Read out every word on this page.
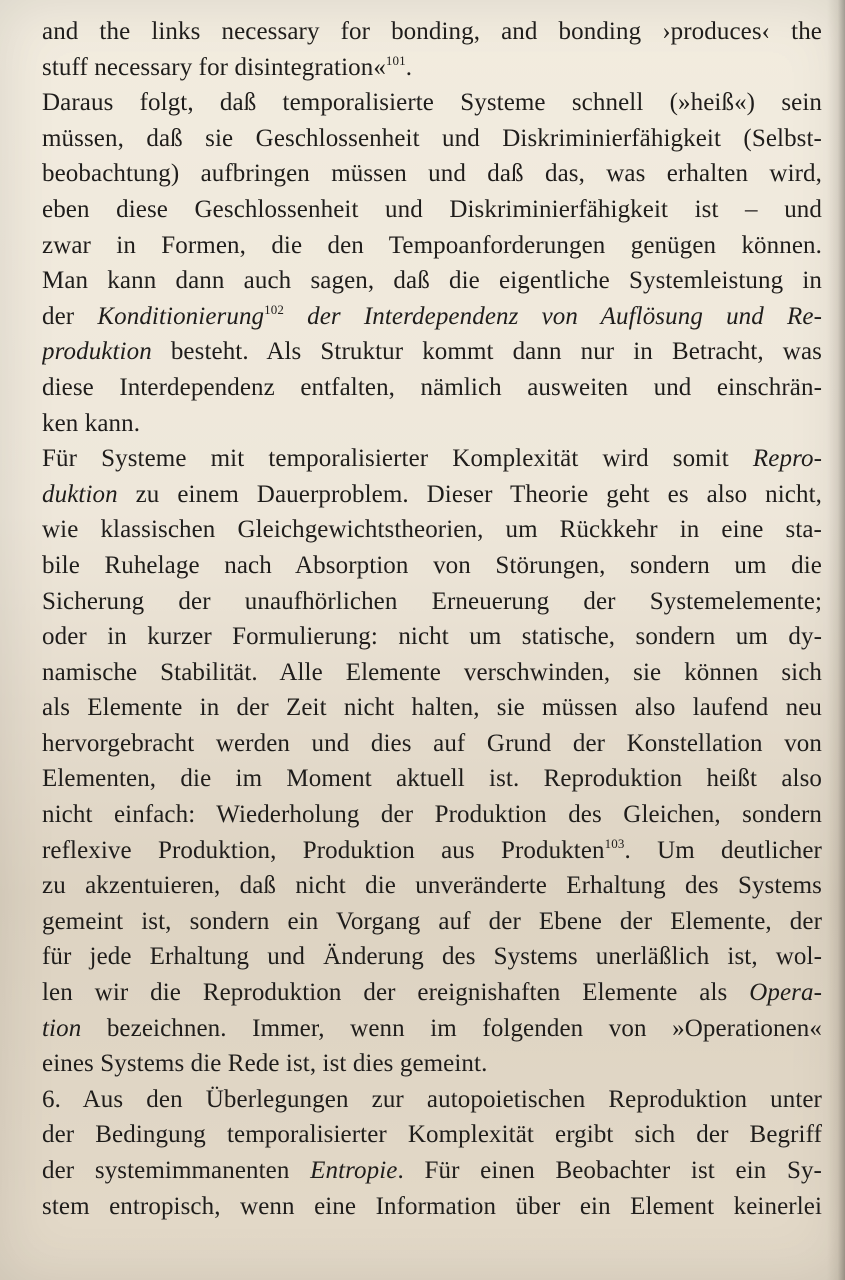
and the links necessary for bonding, and bonding ›produces‹ the
stuff necessary for disintegration«$^{101}$.
Daraus folgt, daß temporalisierte Systeme schnell (»heiß«) sein
müssen, daß sie Geschlossenheit und Diskriminierfähigkeit (Selbst-
beobachtung) aufbringen müssen und daß das, was erhalten wird,
eben diese Geschlossenheit und Diskriminierfähigkeit ist – und
zwar in Formen, die den Tempoanforderungen genügen können.
Man kann dann auch sagen, daß die eigentliche Systemleistung in
der Konditionierung$^{102}$ der Interdependenz von Auflösung und Re-
produktion besteht. Als Struktur kommt dann nur in Betracht, was
diese Interdependenz entfalten, nämlich ausweiten und einschrän-
ken kann.
Für Systeme mit temporalisierter Komplexität wird somit Repro-
duktion zu einem Dauerproblem. Dieser Theorie geht es also nicht,
wie klassischen Gleichgewichtstheorien, um Rückkehr in eine sta-
bile Ruhelage nach Absorption von Störungen, sondern um die
Sicherung der unaufhörlichen Erneuerung der Systemelemente;
oder in kurzer Formulierung: nicht um statische, sondern um dy-
namische Stabilität. Alle Elemente verschwinden, sie können sich
als Elemente in der Zeit nicht halten, sie müssen also laufend neu
hervorgebracht werden und dies auf Grund der Konstellation von
Elementen, die im Moment aktuell ist. Reproduktion heißt also
nicht einfach: Wiederholung der Produktion des Gleichen, sondern
reflexive Produktion, Produktion aus Produkten$^{103}$. Um deutlicher
zu akzentuieren, daß nicht die unveränderte Erhaltung des Systems
gemeint ist, sondern ein Vorgang auf der Ebene der Elemente, der
für jede Erhaltung und Änderung des Systems unerläßlich ist, wol-
len wir die Reproduktion der ereignishaften Elemente als Opera-
tion bezeichnen. Immer, wenn im folgenden von »Operationen«
eines Systems die Rede ist, ist dies gemeint.
6. Aus den Überlegungen zur autopoietischen Reproduktion unter
der Bedingung temporalisierter Komplexität ergibt sich der Begriff
der systemimmanenten Entropie. Für einen Beobachter ist ein Sy-
stem entropisch, wenn eine Information über ein Element keinerlei
